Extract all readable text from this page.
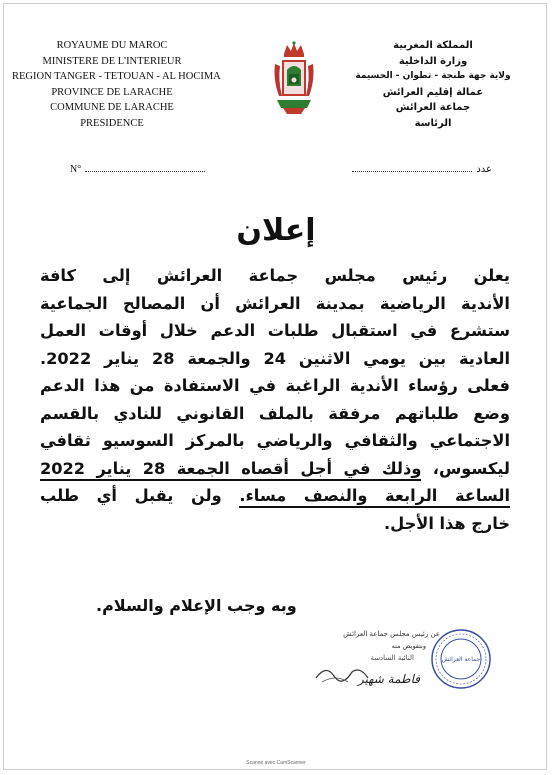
ROYAUME DU MAROC
MINISTERE DE L'INTERIEUR
REGION TANGER - TETOUAN - AL HOCIMA
PROVINCE DE LARACHE
COMMUNE DE LARACHE
PRESIDENCE
المملكة المغربية
وزارة الداخلية
ولاية جهة طنجة - تطوان - الحسيمة
عمالة إقليم العرائش
جماعة العرائش
الرئاسة
N°	عدد
إعلان
يعلن رئيس مجلس جماعة العرائش إلى كافة
الأندية الرياضية بمدينة العرائش أن المصالح الجماعية
ستشرع في استقبال طلبات الدعم خلال أوقات العمل
العادية بين يومي الاثنين 24 والجمعة 28 يناير 2022.
فعلى رؤساء الأندية الراغبة في الاستفادة من هذا الدعم
وضع طلباتهم مرفقة بالملف القانوني للنادي بالقسم
الاجتماعي والثقافي والرياضي بالمركز السوسيو ثقافي
ليكسوس، وذلك في أجل أقصاه الجمعة 28 يناير 2022
الساعة الرابعة والنصف مساء. ولن يقبل أي طلب
خارج هذا الأجل.
وبه وجب الإعلام والسلام.
عن رئيس مجلس جماعة العرائش
وبتفويض منه
النائبة السادسة
فاطمة شهير
جماعة العرائش
Scanné avec CamScanner
